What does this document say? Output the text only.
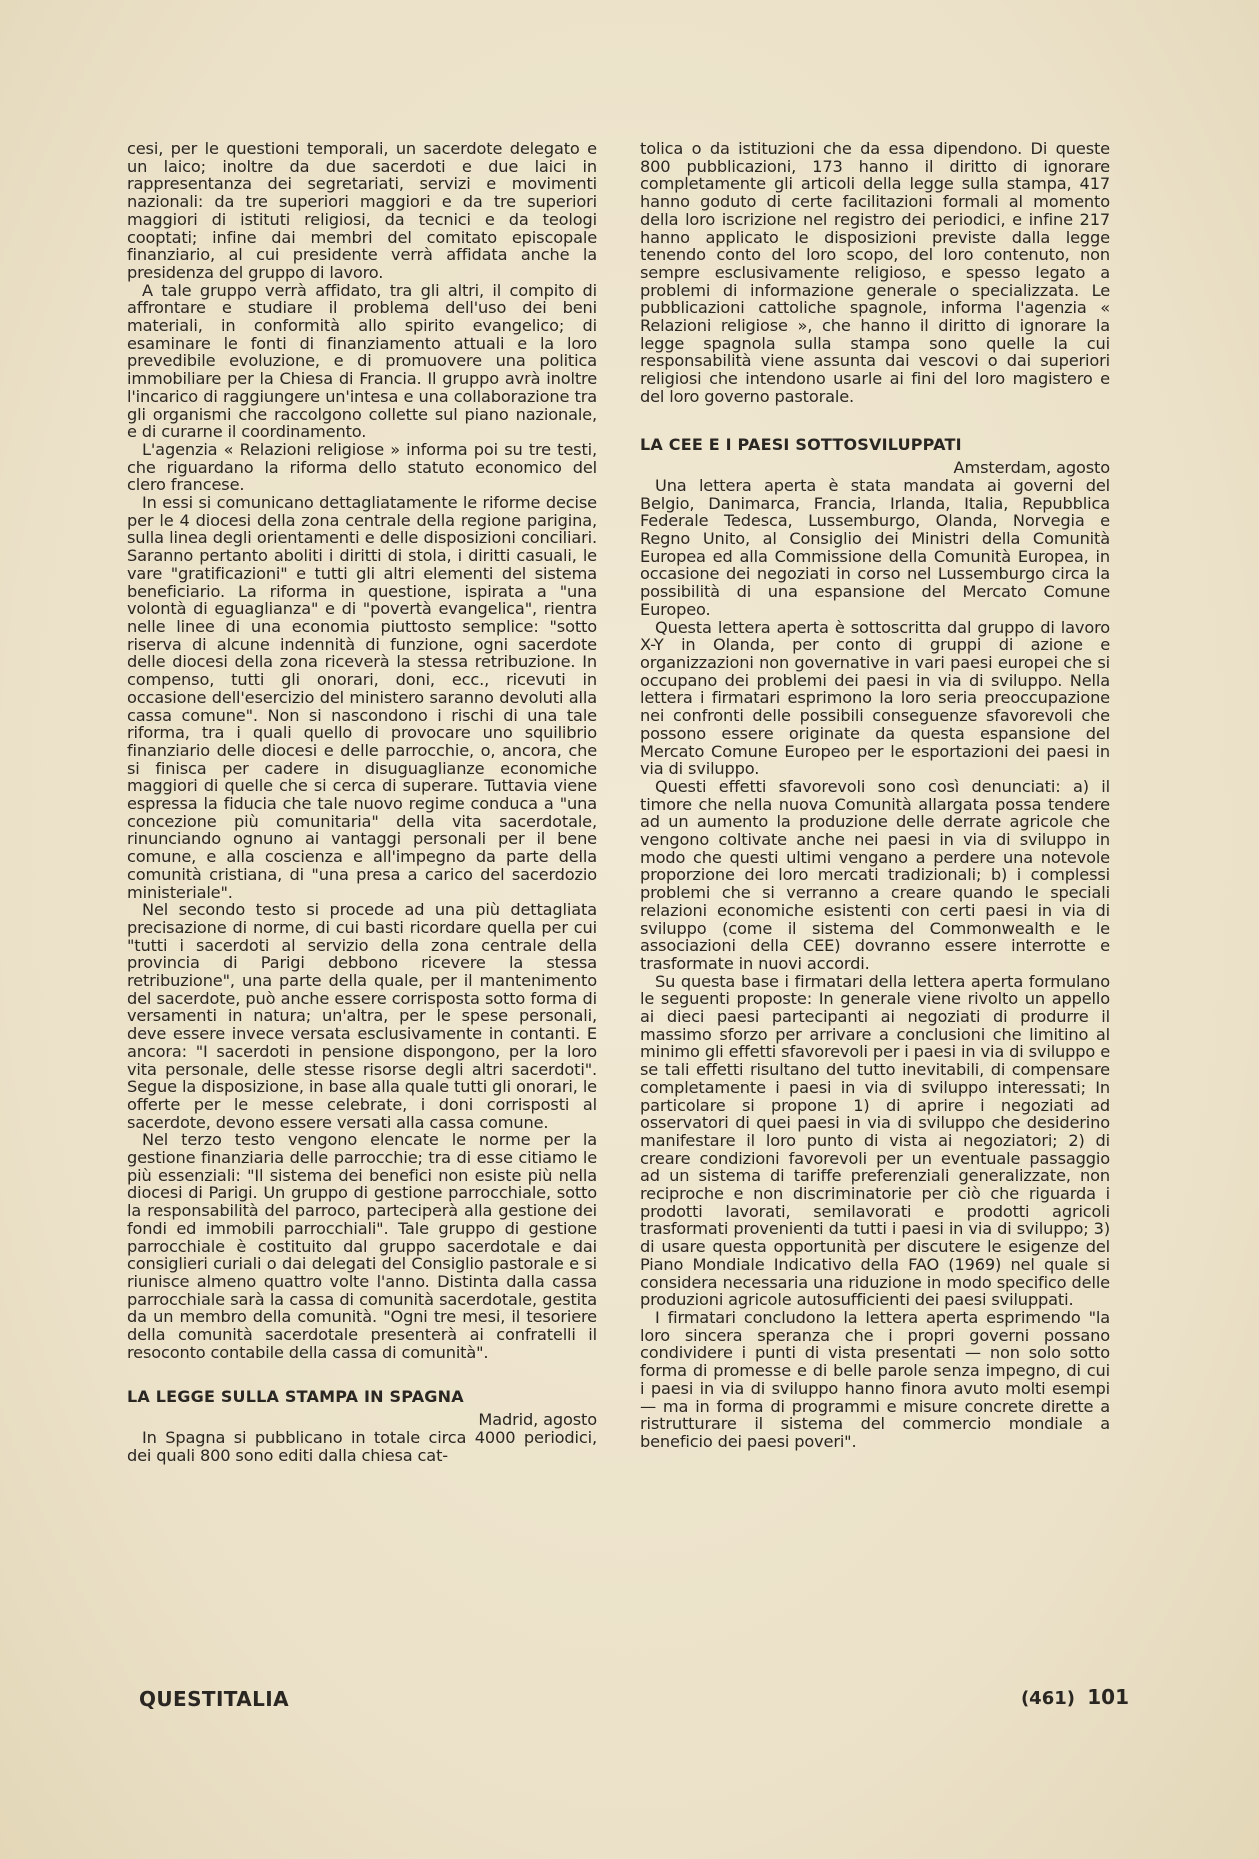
cesi, per le questioni temporali, un sacerdote delegato e un laico; inoltre da due sacerdoti e due laici in rappresentanza dei segretariati, servizi e movimenti nazionali: da tre superiori maggiori e da tre superiori maggiori di istituti religiosi, da tecnici e da teologi cooptati; infine dai membri del comitato episcopale finanziario, al cui presidente verrà affidata anche la presidenza del gruppo di lavoro.

A tale gruppo verrà affidato, tra gli altri, il compito di affrontare e studiare il problema dell'uso dei beni materiali, in conformità allo spirito evangelico; di esaminare le fonti di finanziamento attuali e la loro prevedibile evoluzione, e di promuovere una politica immobiliare per la Chiesa di Francia. Il gruppo avrà inoltre l'incarico di raggiungere un'intesa e una collaborazione tra gli organismi che raccolgono collette sul piano nazionale, e di curarne il coordinamento.

L'agenzia « Relazioni religiose » informa poi su tre testi, che riguardano la riforma dello statuto economico del clero francese.

In essi si comunicano dettagliatamente le riforme decise per le 4 diocesi della zona centrale della regione parigina, sulla linea degli orientamenti e delle disposizioni conciliari. Saranno pertanto aboliti i diritti di stola, i diritti casuali, le vare "gratificazioni" e tutti gli altri elementi del sistema beneficiario. La riforma in questione, ispirata a "una volontà di eguaglianza" e di "povertà evangelica", rientra nelle linee di una economia piuttosto semplice: "sotto riserva di alcune indennità di funzione, ogni sacerdote delle diocesi della zona riceverà la stessa retribuzione. In compenso, tutti gli onorari, doni, ecc., ricevuti in occasione dell'esercizio del ministero saranno devoluti alla cassa comune". Non si nascondono i rischi di una tale riforma, tra i quali quello di provocare uno squilibrio finanziario delle diocesi e delle parrocchie, o, ancora, che si finisca per cadere in disuguaglianze economiche maggiori di quelle che si cerca di superare. Tuttavia viene espressa la fiducia che tale nuovo regime conduca a "una concezione più comunitaria" della vita sacerdotale, rinunciando ognuno ai vantaggi personali per il bene comune, e alla coscienza e all'impegno da parte della comunità cristiana, di "una presa a carico del sacerdozio ministeriale".

Nel secondo testo si procede ad una più dettagliata precisazione di norme, di cui basti ricordare quella per cui "tutti i sacerdoti al servizio della zona centrale della provincia di Parigi debbono ricevere la stessa retribuzione", una parte della quale, per il mantenimento del sacerdote, può anche essere corrisposta sotto forma di versamenti in natura; un'altra, per le spese personali, deve essere invece versata esclusivamente in contanti. E ancora: "I sacerdoti in pensione dispongono, per la loro vita personale, delle stesse risorse degli altri sacerdoti". Segue la disposizione, in base alla quale tutti gli onorari, le offerte per le messe celebrate, i doni corrisposti al sacerdote, devono essere versati alla cassa comune.

Nel terzo testo vengono elencate le norme per la gestione finanziaria delle parrocchie; tra di esse citiamo le più essenziali: "Il sistema dei benefici non esiste più nella diocesi di Parigi. Un gruppo di gestione parrocchiale, sotto la responsabilità del parroco, parteciperà alla gestione dei fondi ed immobili parrocchiali". Tale gruppo di gestione parrocchiale è costituito dal gruppo sacerdotale e dai consiglieri curiali o dai delegati del Consiglio pastorale e si riunisce almeno quattro volte l'anno. Distinta dalla cassa parrocchiale sarà la cassa di comunità sacerdotale, gestita da un membro della comunità. "Ogni tre mesi, il tesoriere della comunità sacerdotale presenterà ai confratelli il resoconto contabile della cassa di comunità".

LA LEGGE SULLA STAMPA IN SPAGNA

Madrid, agosto

In Spagna si pubblicano in totale circa 4000 periodici, dei quali 800 sono editi dalla chiesa cat-

tolica o da istituzioni che da essa dipendono. Di queste 800 pubblicazioni, 173 hanno il diritto di ignorare completamente gli articoli della legge sulla stampa, 417 hanno goduto di certe facilitazioni formali al momento della loro iscrizione nel registro dei periodici, e infine 217 hanno applicato le disposizioni previste dalla legge tenendo conto del loro scopo, del loro contenuto, non sempre esclusivamente religioso, e spesso legato a problemi di informazione generale o specializzata. Le pubblicazioni cattoliche spagnole, informa l'agenzia « Relazioni religiose », che hanno il diritto di ignorare la legge spagnola sulla stampa sono quelle la cui responsabilità viene assunta dai vescovi o dai superiori religiosi che intendono usarle ai fini del loro magistero e del loro governo pastorale.

LA CEE E I PAESI SOTTOSVILUPPATI

Amsterdam, agosto

Una lettera aperta è stata mandata ai governi del Belgio, Danimarca, Francia, Irlanda, Italia, Repubblica Federale Tedesca, Lussemburgo, Olanda, Norvegia e Regno Unito, al Consiglio dei Ministri della Comunità Europea ed alla Commissione della Comunità Europea, in occasione dei negoziati in corso nel Lussemburgo circa la possibilità di una espansione del Mercato Comune Europeo.

Questa lettera aperta è sottoscritta dal gruppo di lavoro X-Y in Olanda, per conto di gruppi di azione e organizzazioni non governative in vari paesi europei che si occupano dei problemi dei paesi in via di sviluppo. Nella lettera i firmatari esprimono la loro seria preoccupazione nei confronti delle possibili conseguenze sfavorevoli che possono essere originate da questa espansione del Mercato Comune Europeo per le esportazioni dei paesi in via di sviluppo.

Questi effetti sfavorevoli sono così denunciati: a) il timore che nella nuova Comunità allargata possa tendere ad un aumento la produzione delle derrate agricole che vengono coltivate anche nei paesi in via di sviluppo in modo che questi ultimi vengano a perdere una notevole proporzione dei loro mercati tradizionali; b) i complessi problemi che si verranno a creare quando le speciali relazioni economiche esistenti con certi paesi in via di sviluppo (come il sistema del Commonwealth e le associazioni della CEE) dovranno essere interrotte e trasformate in nuovi accordi.

Su questa base i firmatari della lettera aperta formulano le seguenti proposte: In generale viene rivolto un appello ai dieci paesi partecipanti ai negoziati di produrre il massimo sforzo per arrivare a conclusioni che limitino al minimo gli effetti sfavorevoli per i paesi in via di sviluppo e se tali effetti risultano del tutto inevitabili, di compensare completamente i paesi in via di sviluppo interessati; In particolare si propone 1) di aprire i negoziati ad osservatori di quei paesi in via di sviluppo che desiderino manifestare il loro punto di vista ai negoziatori; 2) di creare condizioni favorevoli per un eventuale passaggio ad un sistema di tariffe preferenziali generalizzate, non reciproche e non discriminatorie per ciò che riguarda i prodotti lavorati, semilavorati e prodotti agricoli trasformati provenienti da tutti i paesi in via di sviluppo; 3) di usare questa opportunità per discutere le esigenze del Piano Mondiale Indicativo della FAO (1969) nel quale si considera necessaria una riduzione in modo specifico delle produzioni agricole autosufficienti dei paesi sviluppati.

I firmatari concludono la lettera aperta esprimendo "la loro sincera speranza che i propri governi possano condividere i punti di vista presentati — non solo sotto forma di promesse e di belle parole senza impegno, di cui i paesi in via di sviluppo hanno finora avuto molti esempi — ma in forma di programmi e misure concrete dirette a ristrutturare il sistema del commercio mondiale a beneficio dei paesi poveri".

QUESTITALIA	(461) 101
